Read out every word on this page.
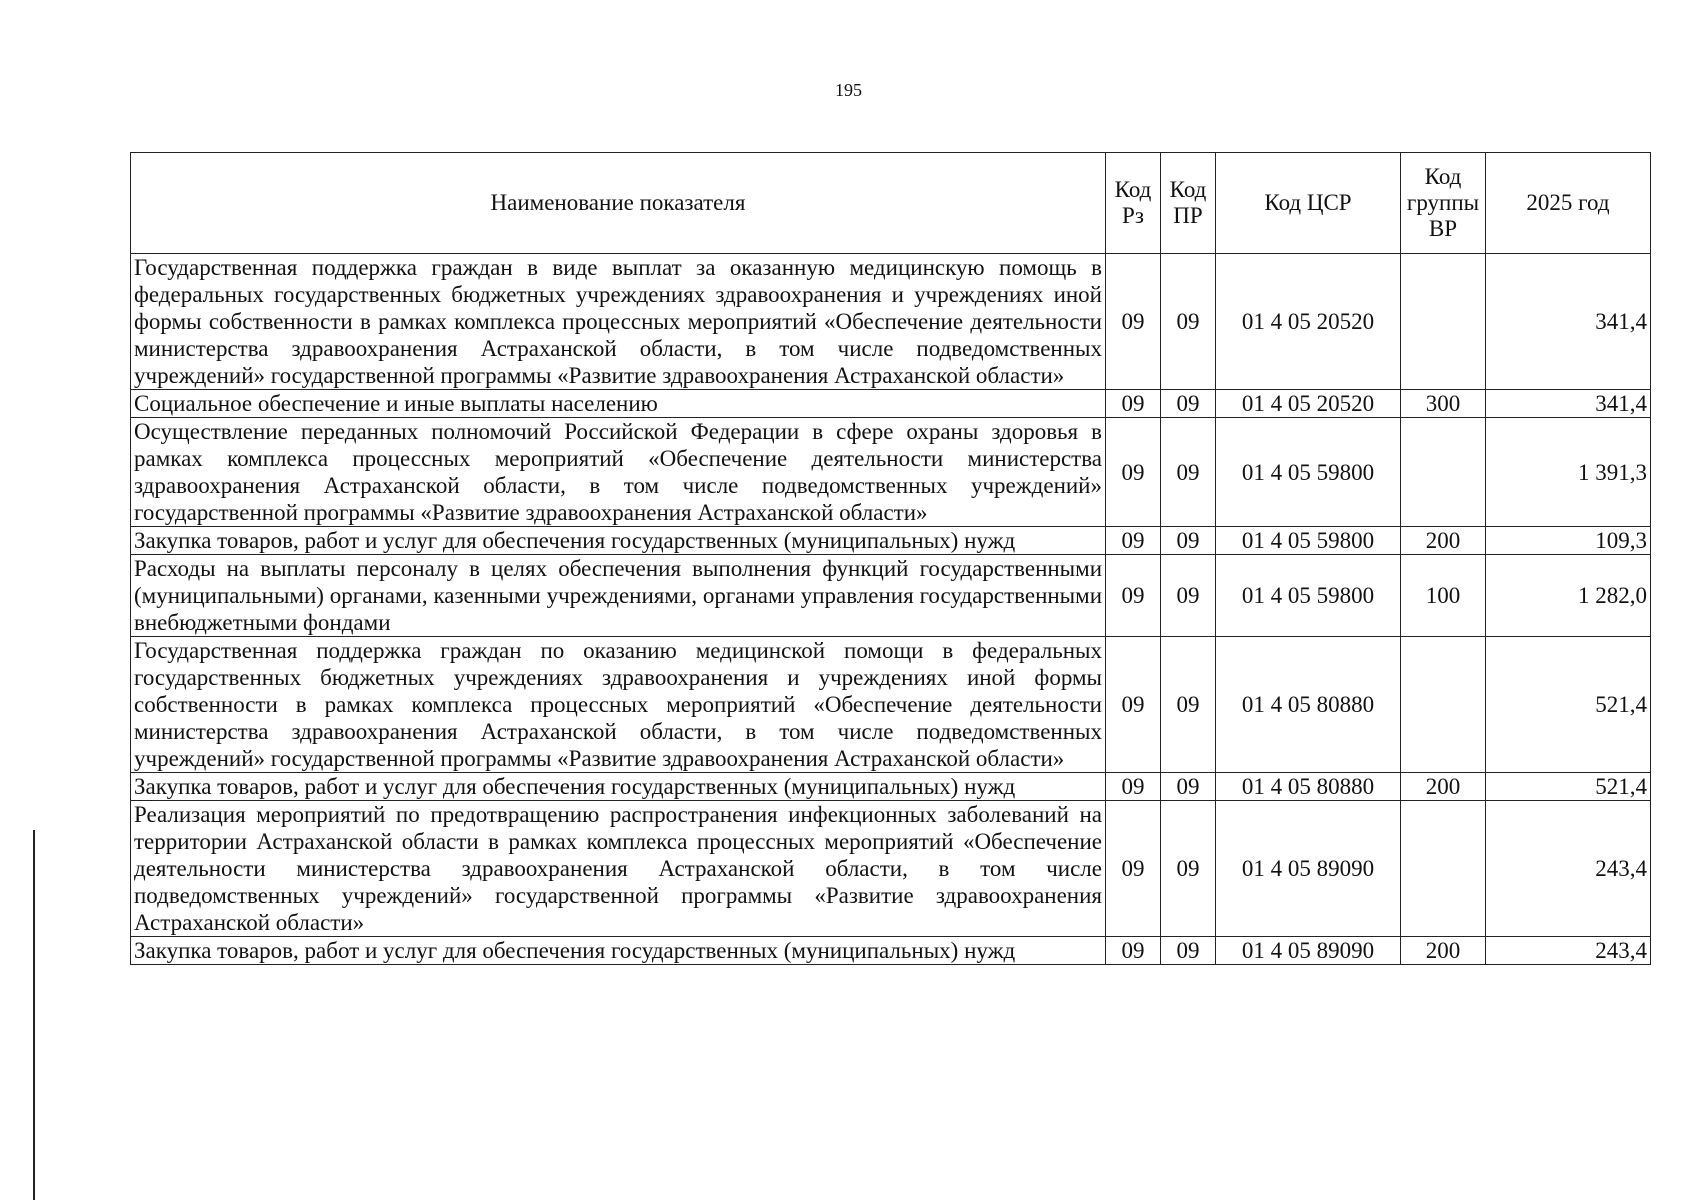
195
Наименование показателя	Код Рз	Код ПР	Код ЦСР	Код группы ВР	2025 год
Государственная поддержка граждан в виде выплат за оказанную медицинскую помощь в федеральных государственных бюджетных учреждениях здравоохранения и учреждениях иной формы собственности в рамках комплекса процессных мероприятий «Обеспечение деятельности министерства здравоохранения Астраханской области, в том числе подведомственных учреждений» государственной программы «Развитие здравоохранения Астраханской области»	09	09	01 4 05 20520		341,4
Социальное обеспечение и иные выплаты населению	09	09	01 4 05 20520	300	341,4
Осуществление переданных полномочий Российской Федерации в сфере охраны здоровья в рамках комплекса процессных мероприятий «Обеспечение деятельности министерства здравоохранения Астраханской области, в том числе подведомственных учреждений» государственной программы «Развитие здравоохранения Астраханской области»	09	09	01 4 05 59800		1 391,3
Закупка товаров, работ и услуг для обеспечения государственных (муниципальных) нужд	09	09	01 4 05 59800	200	109,3
Расходы на выплаты персоналу в целях обеспечения выполнения функций государственными (муниципальными) органами, казенными учреждениями, органами управления государственными внебюджетными фондами	09	09	01 4 05 59800	100	1 282,0
Государственная поддержка граждан по оказанию медицинской помощи в федеральных государственных бюджетных учреждениях здравоохранения и учреждениях иной формы собственности в рамках комплекса процессных мероприятий «Обеспечение деятельности министерства здравоохранения Астраханской области, в том числе подведомственных учреждений» государственной программы «Развитие здравоохранения Астраханской области»	09	09	01 4 05 80880		521,4
Закупка товаров, работ и услуг для обеспечения государственных (муниципальных) нужд	09	09	01 4 05 80880	200	521,4
Реализация мероприятий по предотвращению распространения инфекционных заболеваний на территории Астраханской области в рамках комплекса процессных мероприятий «Обеспечение деятельности министерства здравоохранения Астраханской области, в том числе подведомственных учреждений» государственной программы «Развитие здравоохранения Астраханской области»	09	09	01 4 05 89090		243,4
Закупка товаров, работ и услуг для обеспечения государственных (муниципальных) нужд	09	09	01 4 05 89090	200	243,4
